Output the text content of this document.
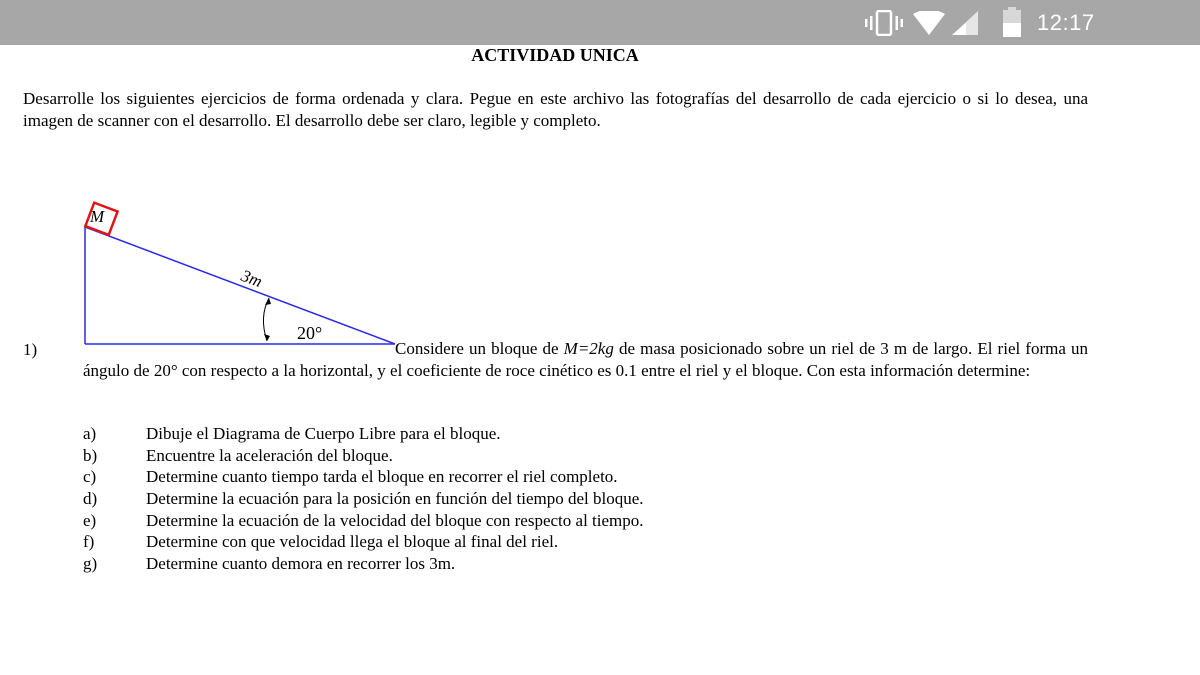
12:17
ACTIVIDAD UNICA
Desarrolle los siguientes ejercicios de forma ordenada y clara. Pegue en este archivo las fotografías del desarrollo de cada ejercicio o si lo desea, una imagen de scanner con el desarrollo. El desarrollo debe ser claro, legible y completo.
M
3m
20°
1)	Considere un bloque de M=2kg de masa posicionado sobre un riel de 3 m de largo. El riel forma un ángulo de 20° con respecto a la horizontal, y el coeficiente de roce cinético es 0.1 entre el riel y el bloque. Con esta información determine:
a)	Dibuje el Diagrama de Cuerpo Libre para el bloque.
b)	Encuentre la aceleración del bloque.
c)	Determine cuanto tiempo tarda el bloque en recorrer el riel completo.
d)	Determine la ecuación para la posición en función del tiempo del bloque.
e)	Determine la ecuación de la velocidad del bloque con respecto al tiempo.
f)	Determine con que velocidad llega el bloque al final del riel.
g)	Determine cuanto demora en recorrer los 3m.
